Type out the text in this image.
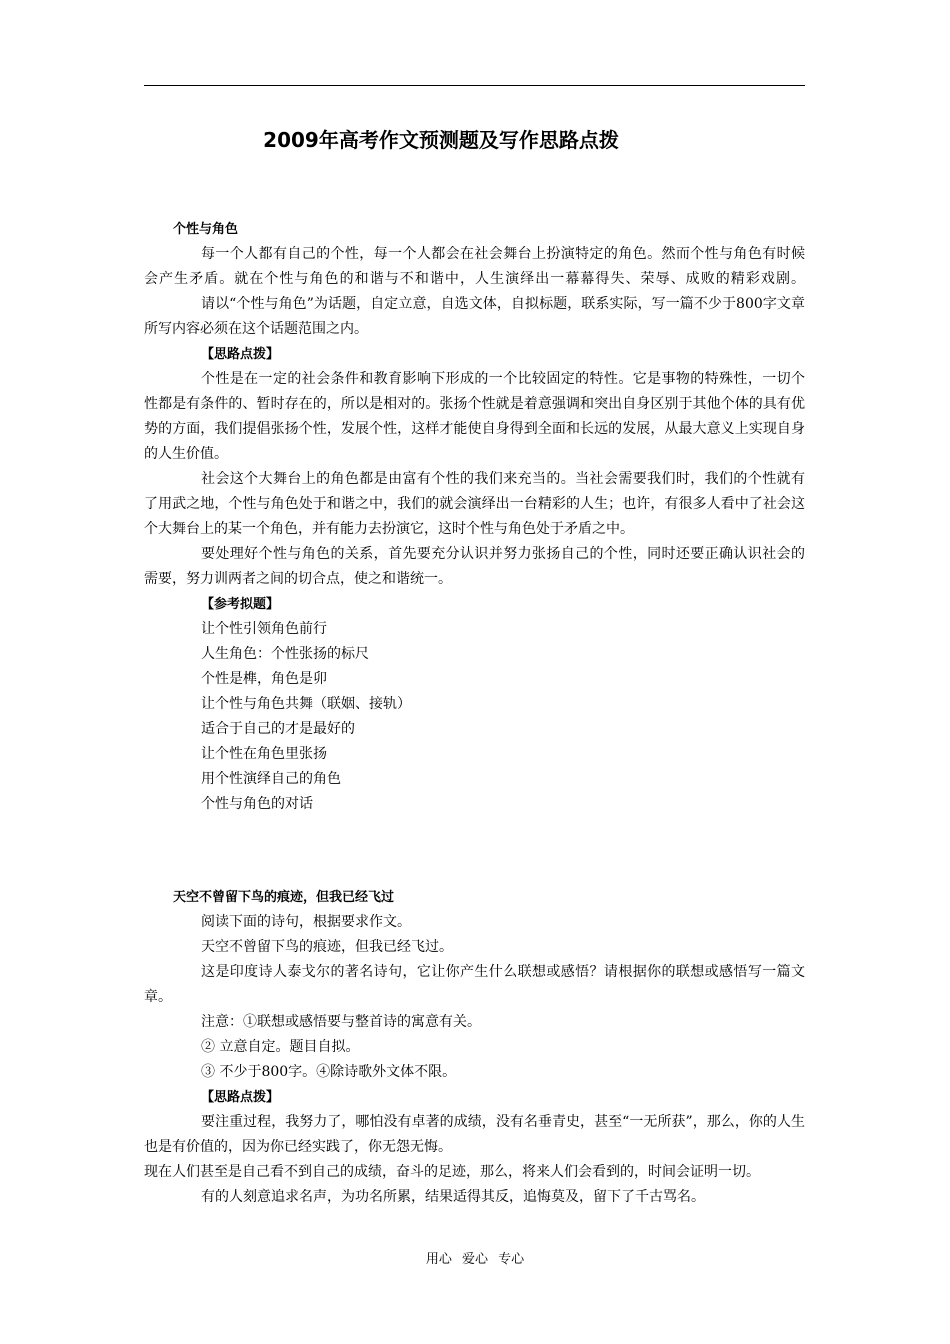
2009年高考作文预测题及写作思路点拨
个性与角色
每一个人都有自己的个性，每一个人都会在社会舞台上扮演特定的角色。然而个性与角色有时候
会产生矛盾。就在个性与角色的和谐与不和谐中，人生演绎出一幕幕得失、荣辱、成败的精彩戏剧。
请以“个性与角色”为话题，自定立意，自选文体，自拟标题，联系实际，写一篇不少于800字文章
所写内容必须在这个话题范围之内。
【思路点拨】
个性是在一定的社会条件和教育影响下形成的一个比较固定的特性。它是事物的特殊性，一切个
性都是有条件的、暂时存在的，所以是相对的。张扬个性就是着意强调和突出自身区别于其他个体的具有优
势的方面，我们提倡张扬个性，发展个性，这样才能使自身得到全面和长远的发展，从最大意义上实现自身
的人生价值。
社会这个大舞台上的角色都是由富有个性的我们来充当的。当社会需要我们时，我们的个性就有
了用武之地，个性与角色处于和谐之中，我们的就会演绎出一台精彩的人生；也许，有很多人看中了社会这
个大舞台上的某一个角色，并有能力去扮演它，这时个性与角色处于矛盾之中。
要处理好个性与角色的关系，首先要充分认识并努力张扬自己的个性，同时还要正确认识社会的
需要，努力训两者之间的切合点，使之和谐统一。
【参考拟题】
让个性引领角色前行
人生角色：个性张扬的标尺
个性是榫，角色是卯
让个性与角色共舞（联姻、接轨）
适合于自己的才是最好的
让个性在角色里张扬
用个性演绎自己的角色
个性与角色的对话
天空不曾留下鸟的痕迹，但我已经飞过
阅读下面的诗句，根据要求作文。
天空不曾留下鸟的痕迹，但我已经飞过。
这是印度诗人泰戈尔的著名诗句，它让你产生什么联想或感悟？请根据你的联想或感悟写一篇文
章。
注意：①联想或感悟要与整首诗的寓意有关。
② 立意自定。题目自拟。
③ 不少于800字。④除诗歌外文体不限。
【思路点拨】
要注重过程，我努力了，哪怕没有卓著的成绩，没有名垂青史，甚至“一无所获”，那么，你的人生
也是有价值的，因为你已经实践了，你无怨无悔。
现在人们甚至是自己看不到自己的成绩，奋斗的足迹，那么，将来人们会看到的，时间会证明一切。
有的人刻意追求名声，为功名所累，结果适得其反，追悔莫及，留下了千古骂名。
用心 爱心 专心
